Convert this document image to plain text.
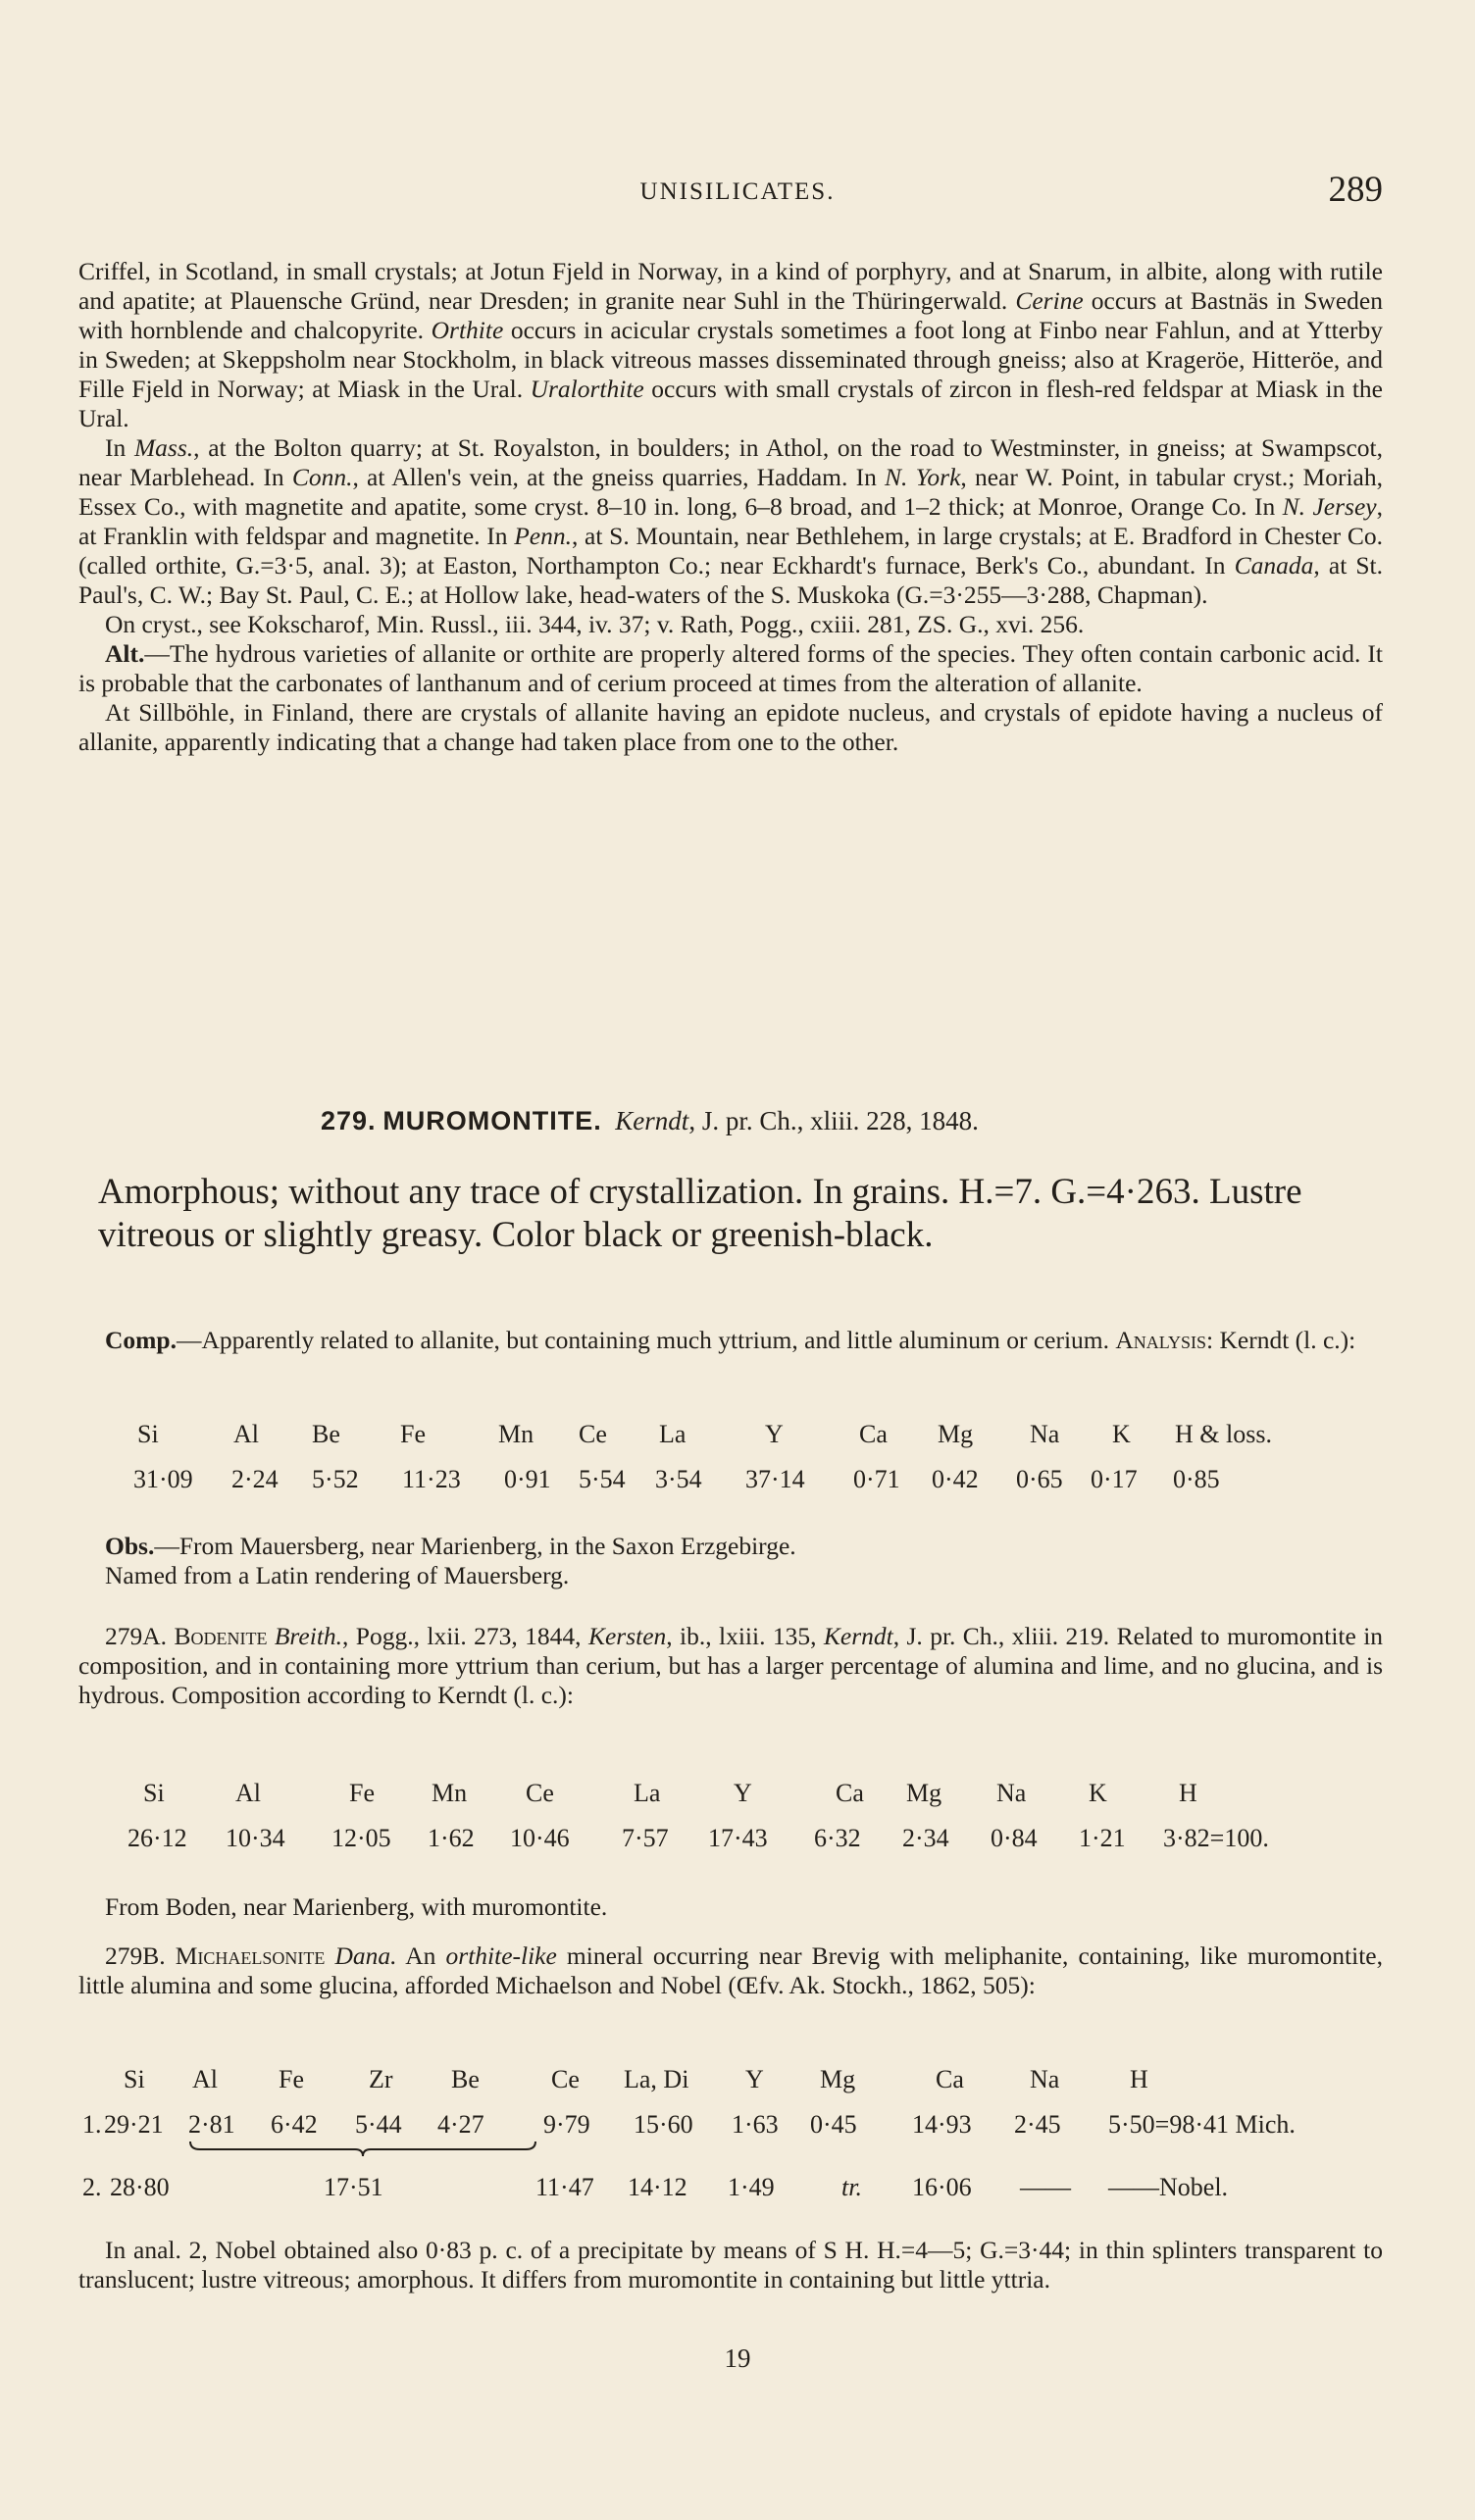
UNISILICATES.	289

Criffel, in Scotland, in small crystals; at Jotun Fjeld in Norway, in a kind of porphyry, and at Snarum, in albite, along with rutile and apatite; at Plauensche Gründ, near Dresden; in granite near Suhl in the Thüringerwald. Cerine occurs at Bastnäs in Sweden with hornblende and chalcopyrite. Orthite occurs in acicular crystals sometimes a foot long at Finbo near Fahlun, and at Ytterby in Sweden; at Skeppsholm near Stockholm, in black vitreous masses disseminated through gneiss; also at Krageröe, Hitteröe, and Fille Fjeld in Norway; at Miask in the Ural. Uralorthite occurs with small crystals of zircon in flesh-red feldspar at Miask in the Ural.

In Mass., at the Bolton quarry; at St. Royalston, in boulders; in Athol, on the road to Westminster, in gneiss; at Swampscot, near Marblehead. In Conn., at Allen's vein, at the gneiss quarries, Haddam. In N. York, near W. Point, in tabular cryst.; Moriah, Essex Co., with magnetite and apatite, some cryst. 8–10 in. long, 6–8 broad, and 1–2 thick; at Monroe, Orange Co. In N. Jersey, at Franklin with feldspar and magnetite. In Penn., at S. Mountain, near Bethlehem, in large crystals; at E. Bradford in Chester Co. (called orthite, G.=3·5, anal. 3); at Easton, Northampton Co.; near Eckhardt's furnace, Berk's Co., abundant. In Canada, at St. Paul's, C. W.; Bay St. Paul, C. E.; at Hollow lake, head-waters of the S. Muskoka (G.=3·255—3·288, Chapman).

On cryst., see Kokscharof, Min. Russl., iii. 344, iv. 37; v. Rath, Pogg., cxiii. 281, ZS. G., xvi. 256.

Alt.—The hydrous varieties of allanite or orthite are properly altered forms of the species. They often contain carbonic acid. It is probable that the carbonates of lanthanum and of cerium proceed at times from the alteration of allanite.

At Sillböhle, in Finland, there are crystals of allanite having an epidote nucleus, and crystals of epidote having a nucleus of allanite, apparently indicating that a change had taken place from one to the other.

279. MUROMONTITE. Kerndt, J. pr. Ch., xliii. 228, 1848.

Amorphous; without any trace of crystallization. In grains. H.=7. G.=4·263. Lustre vitreous or slightly greasy. Color black or greenish-black.

Comp.—Apparently related to allanite, but containing much yttrium, and little aluminum or cerium. Analysis: Kerndt (l. c.):

Si	Al Be Fe	Mn Ce La	Y	Ca Mg Na K H & loss.
31·09 2·24 5·52 11·23 0·91 5·54 3·54 37·14 0·71 0·42 0·65 0·17 0·85

Obs.—From Mauersberg, near Marienberg, in the Saxon Erzgebirge.

Named from a Latin rendering of Mauersberg.

279A. Bodenite Breith., Pogg., lxii. 273, 1844, Kersten, ib., lxiii. 135, Kerndt, J. pr. Ch., xliii. 219. Related to muromontite in composition, and in containing more yttrium than cerium, but has a larger percentage of alumina and lime, and no glucina, and is hydrous. Composition according to Kerndt (l. c.):

Si	Al	Fe Mn Ce	La	Y	Ca Mg Na K	H
26·12 10·34 12·05 1·62 10·46 7·57 17·43 6·32 2·34 0·84 1·21 3·82=100.

From Boden, near Marienberg, with muromontite.

279B. Michaelsonite Dana. An orthite-like mineral occurring near Brevig with meliphanite, containing, like muromontite, little alumina and some glucina, afforded Michaelson and Nobel (Œfv. Ak. Stockh., 1862, 505):

Si Al Fe	Zr Be	Ce La, Di Y Mg	Ca	Na	H
1. 29·21 2·81 6·42 5·44 4·27 9·79 15·60 1·63 0·45 14·93 2·45 5·50=98·41 Mich.
2. 28·80	17·51	11·47 14·12 1·49	tr. 16·06 —— ——Nobel.

In anal. 2, Nobel obtained also 0·83 p. c. of a precipitate by means of S H. H.=4—5; G.=3·44; in thin splinters transparent to translucent; lustre vitreous; amorphous. It differs from muromontite in containing but little yttria.

19
